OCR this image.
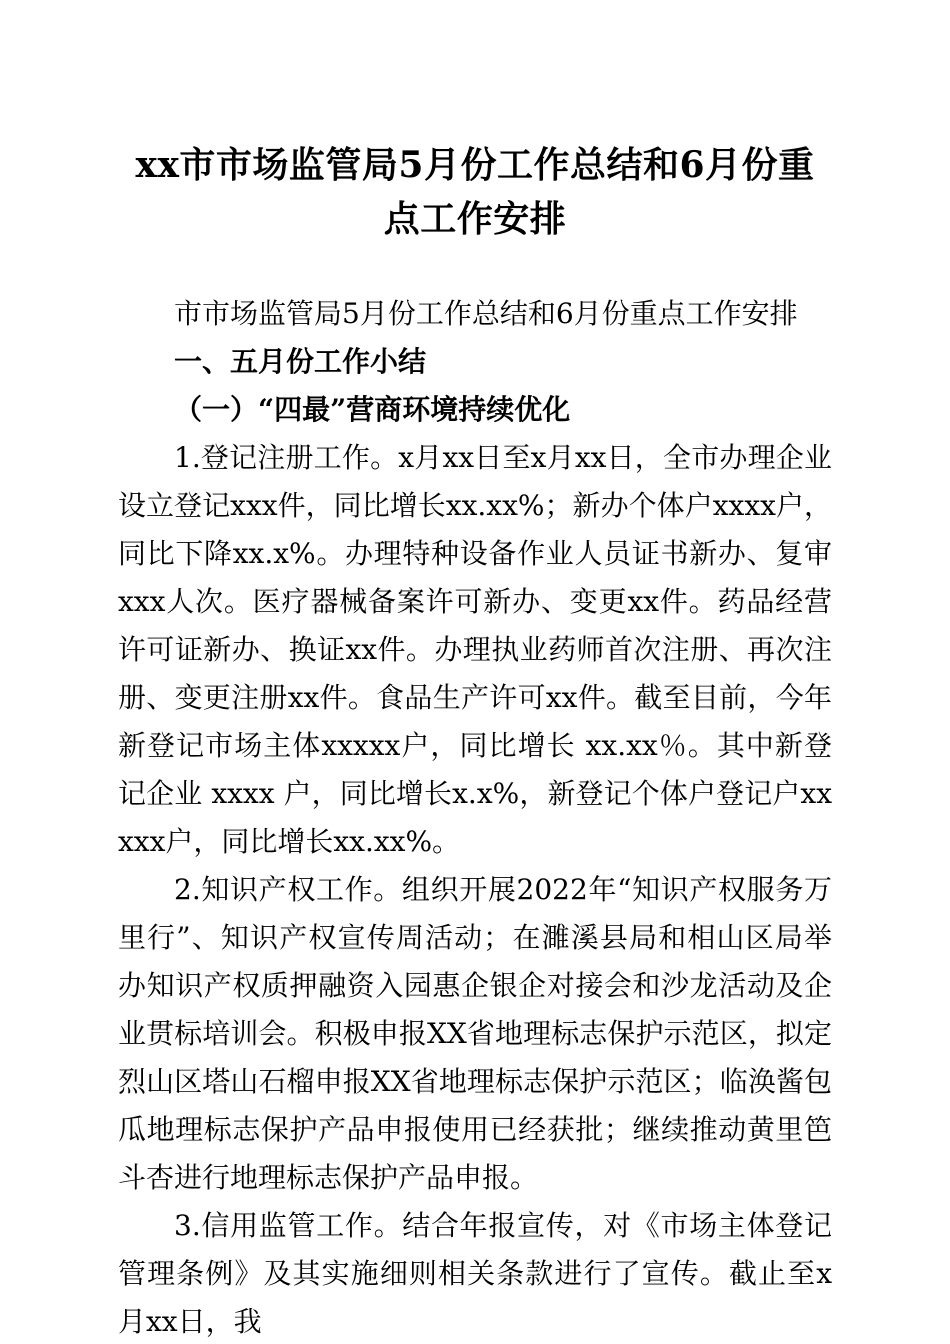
xx市市场监管局5月份工作总结和6月份重点工作安排

市市场监管局5月份工作总结和6月份重点工作安排

一、五月份工作小结

（一）“四最”营商环境持续优化

1.登记注册工作。x月xx日至x月xx日，全市办理企业设立登记xxx件，同比增长xx.xx%；新办个体户xxxx户，同比下降xx.x%。办理特种设备作业人员证书新办、复审xxx人次。医疗器械备案许可新办、变更xx件。药品经营许可证新办、换证xx件。办理执业药师首次注册、再次注册、变更注册xx件。食品生产许可xx件。截至目前，今年新登记市场主体xxxxx户，同比增长 xx.xx％。其中新登记企业 xxxx 户，同比增长x.x%，新登记个体户登记户xxxxx户，同比增长xx.xx%。

2.知识产权工作。组织开展2022年“知识产权服务万里行”、知识产权宣传周活动；在濉溪县局和相山区局举办知识产权质押融资入园惠企银企对接会和沙龙活动及企业贯标培训会。积极申报XX省地理标志保护示范区，拟定烈山区塔山石榴申报XX省地理标志保护示范区；临涣酱包瓜地理标志保护产品申报使用已经获批；继续推动黄里笆斗杏进行地理标志保护产品申报。

3.信用监管工作。结合年报宣传，对《市场主体登记管理条例》及其实施细则相关条款进行了宣传。截止至x月xx日，我
